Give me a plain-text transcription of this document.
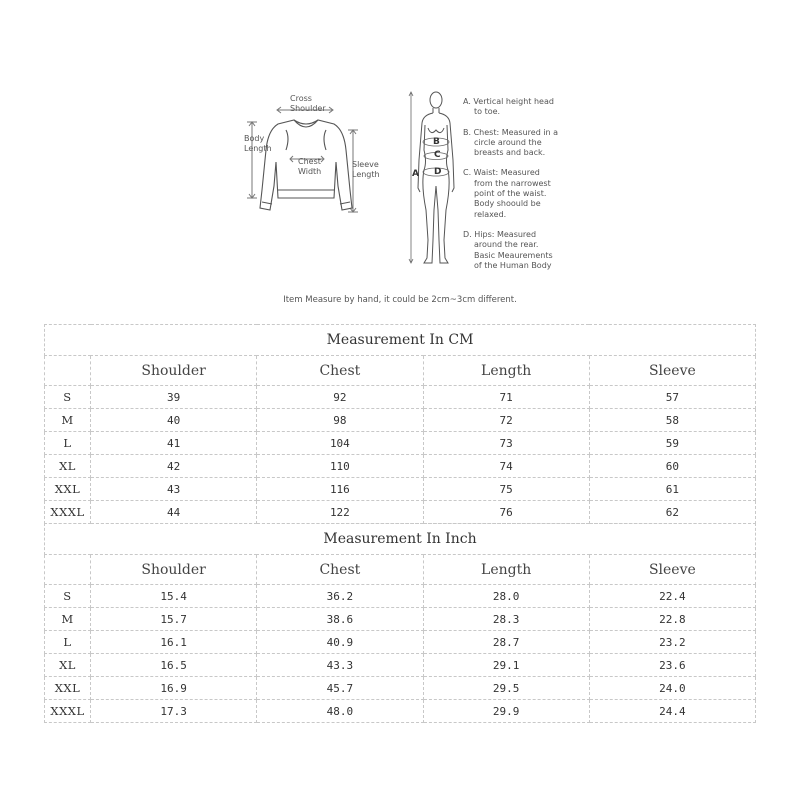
Cross
Shoulder
Body
Length
Chest
Width
Sleeve
Length
B
C
D
A
A. Vertical height head
to toe.
B. Chest: Measured in a
circle around the
breasts and back.
C. Waist: Measured
from the narrowest
point of the waist.
Body shoould be
relaxed.
D. Hips: Measured
around the rear.
Basic Meaurements
of the Human Body
Item Measure by hand, it could be 2cm~3cm different.
Measurement In CM				
	Shoulder	Chest	Length	Sleeve
S	39	92	71	57
M	40	98	72	58
L	41	104	73	59
XL	42	110	74	60
XXL	43	116	75	61
XXXL	44	122	76	62
Measurement In Inch				
	Shoulder	Chest	Length	Sleeve
S	15.4	36.2	28.0	22.4
M	15.7	38.6	28.3	22.8
L	16.1	40.9	28.7	23.2
XL	16.5	43.3	29.1	23.6
XXL	16.9	45.7	29.5	24.0
XXXL	17.3	48.0	29.9	24.4
